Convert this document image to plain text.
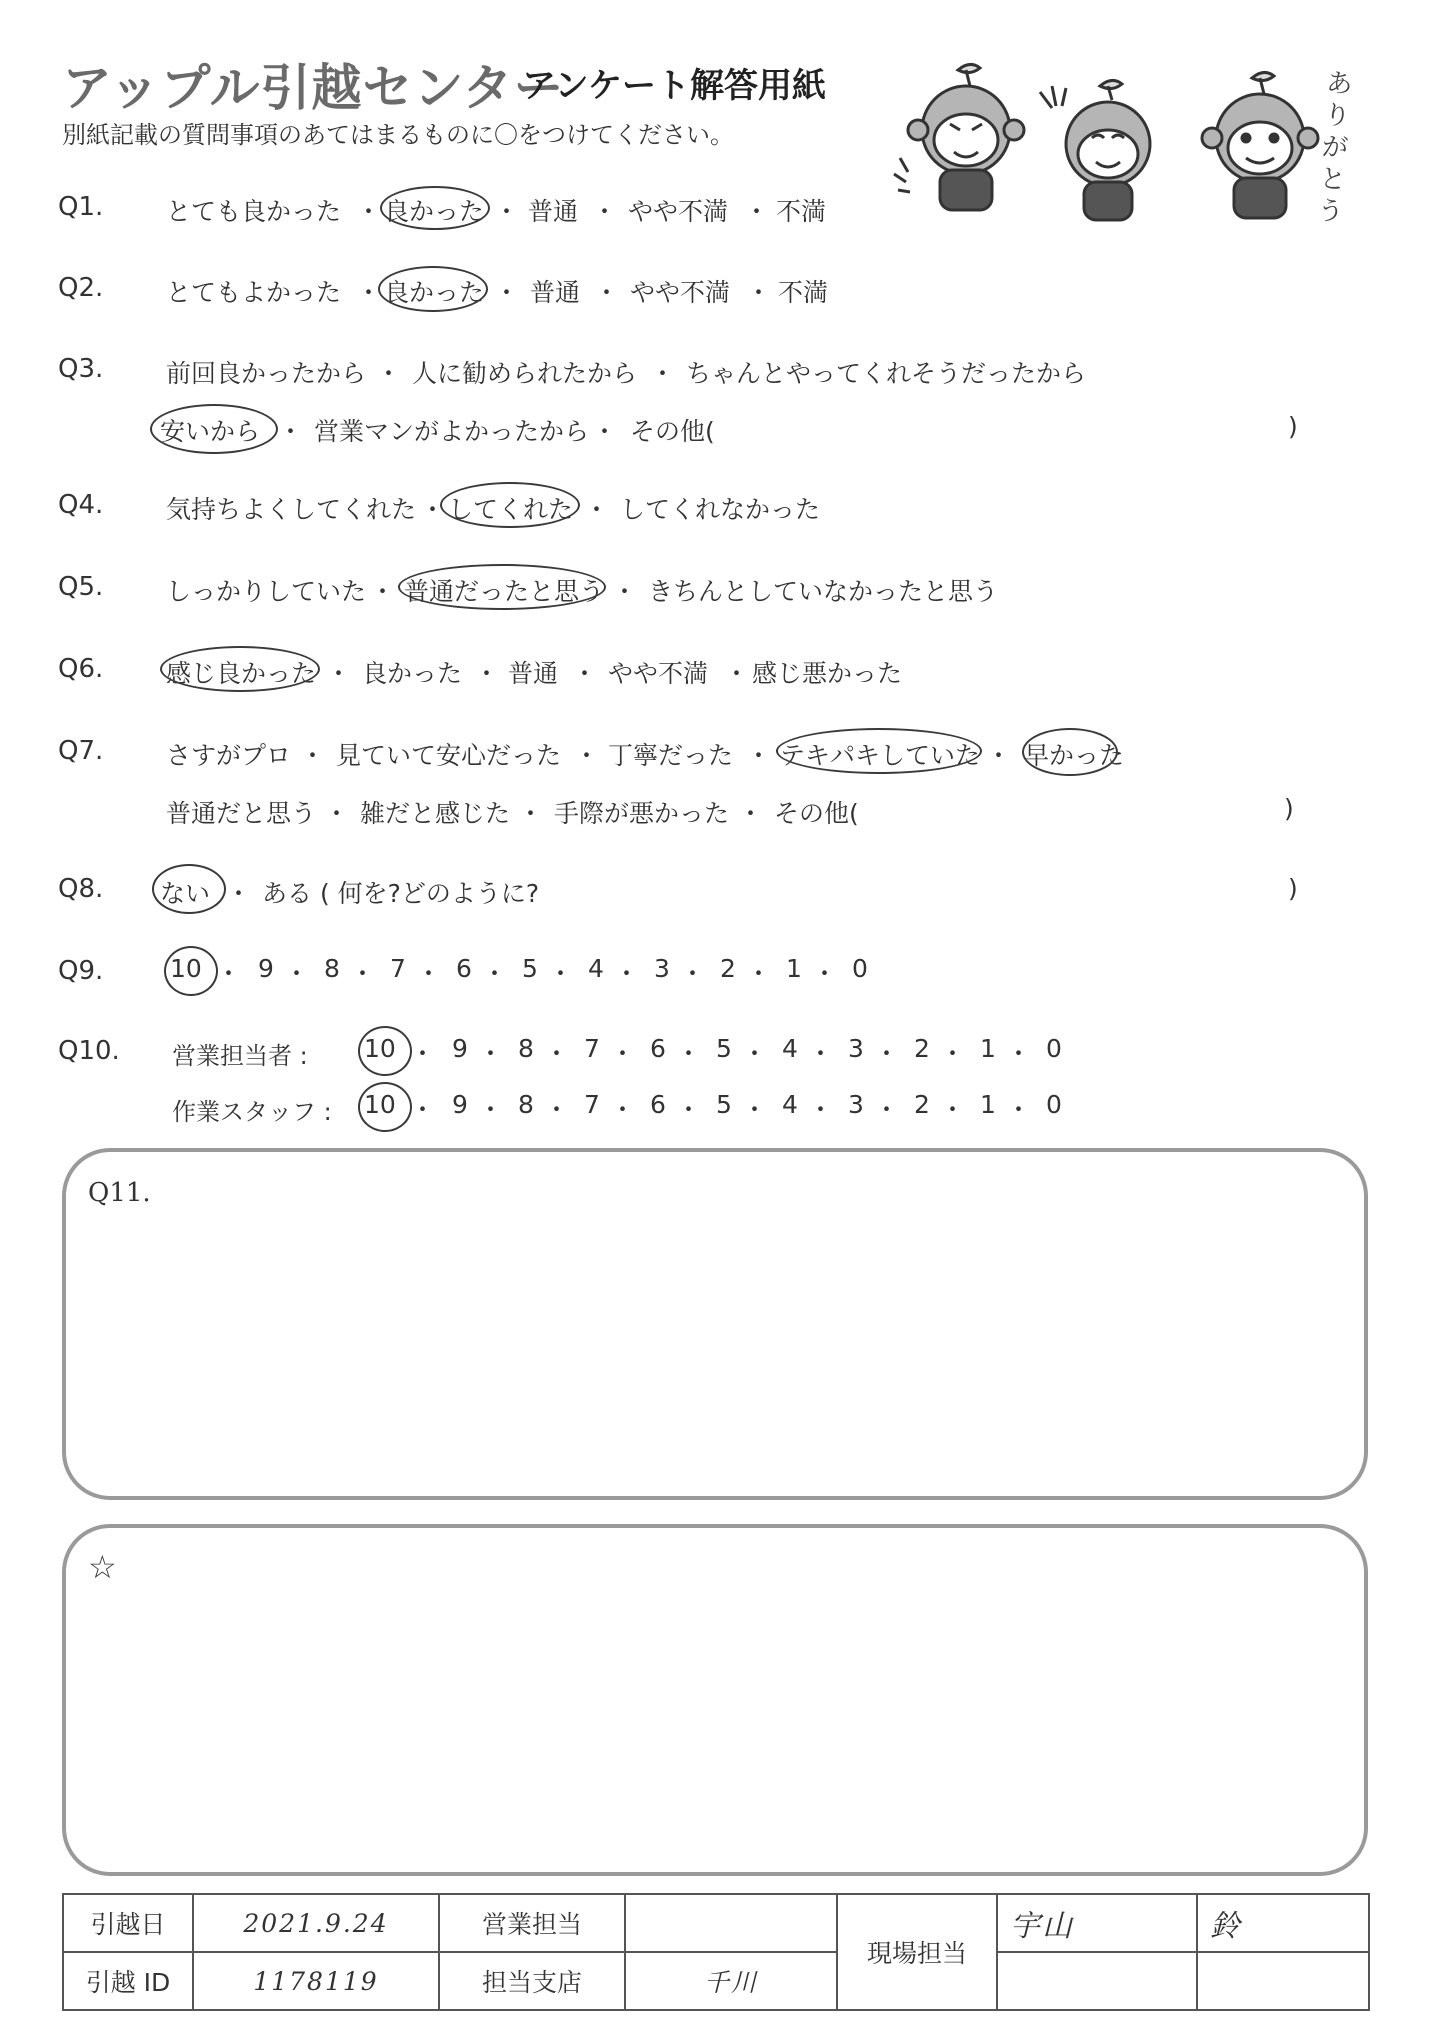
アップル引越センター
アンケート解答用紙
別紙記載の質問事項のあてはまるものに〇をつけてください。
ありがとう
Q1.	とても良かった ・ 良かった ・ 普通 ・ やや不満 ・ 不満
Q2.	とてもよかった ・ 良かった ・ 普通 ・ やや不満 ・ 不満
Q3.	前回良かったから ・ 人に勧められたから ・ ちゃんとやってくれそうだったから
安いから ・ 営業マンがよかったから ・ その他(	)
Q4.	気持ちよくしてくれた ・ してくれた ・ してくれなかった
Q5.	しっかりしていた ・ 普通だったと思う ・ きちんとしていなかったと思う
Q6.	感じ良かった ・ 良かった ・ 普通 ・ やや不満 ・ 感じ悪かった
Q7.	さすがプロ ・ 見ていて安心だった ・ 丁寧だった ・ テキパキしていた ・ 早かった
普通だと思う ・ 雑だと感じた ・ 手際が悪かった ・ その他(	)
Q8. ない ・ ある ( 何を?どのように?	)
Q9.	10 ・ 9 ・ 8 ・ 7 ・ 6 ・ 5 ・ 4 ・ 3 ・ 2 ・ 1 ・ 0
Q10. 営業担当者 : 10 ・ 9 ・ 8 ・ 7 ・ 6 ・ 5 ・ 4 ・ 3 ・ 2 ・ 1 ・ 0
作業スタッフ : 10 ・ 9 ・ 8 ・ 7 ・ 6 ・ 5 ・ 4 ・ 3 ・ 2 ・ 1 ・ 0
Q11.
☆
引越日	2021.9.24	営業担当		現場担当	宇山	鈴
引越 ID	1178119	担当支店	千川			
